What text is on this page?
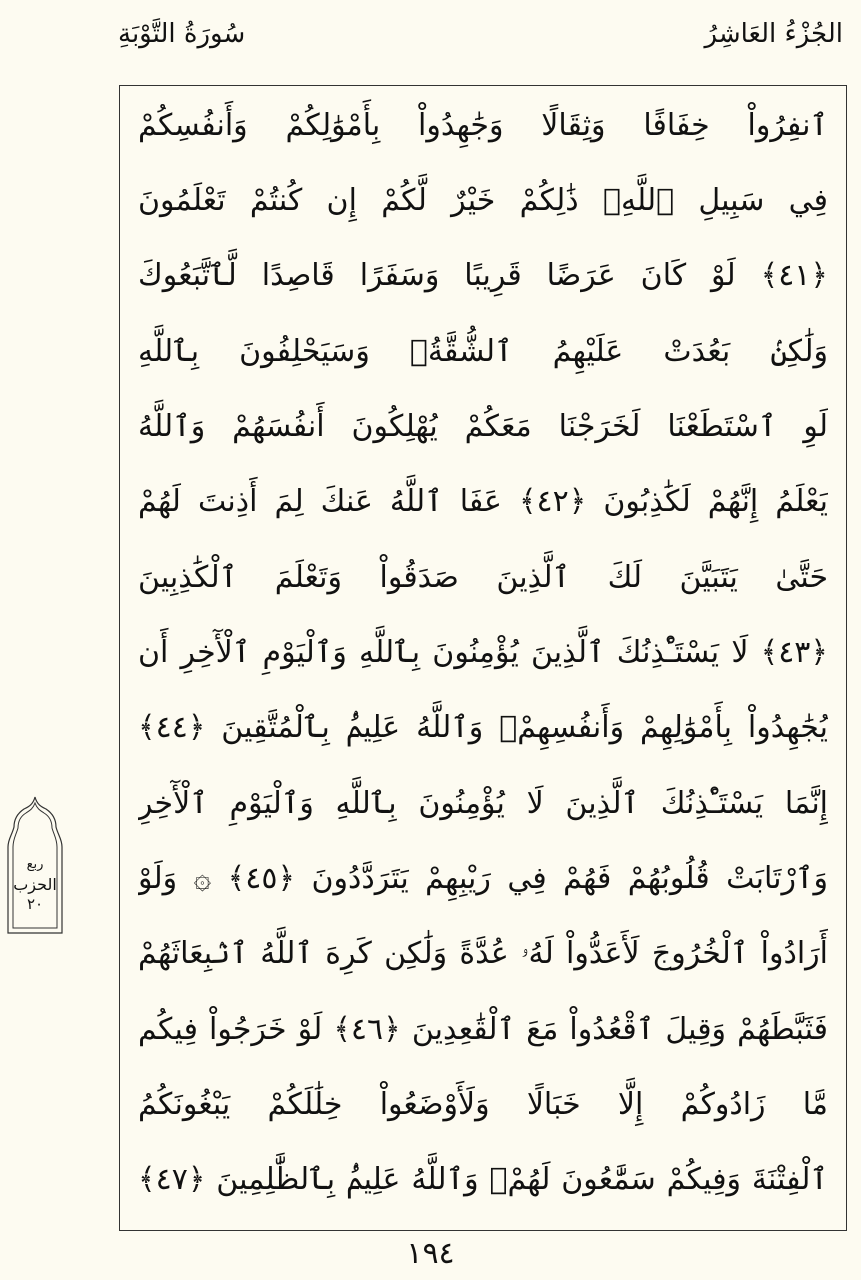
الجُزْءُ العَاشِرُ
سُورَةُ التَّوْبَةِ
ٱنفِرُواْ خِفَافًا وَثِقَالًا وَجَٰهِدُواْ بِأَمْوَٰلِكُمْ وَأَنفُسِكُمْ
فِي سَبِيلِ ٱللَّهِۚ ذَٰلِكُمْ خَيْرٌ لَّكُمْ إِن كُنتُمْ تَعْلَمُونَ
﴿٤١﴾ لَوْ كَانَ عَرَضًا قَرِيبًا وَسَفَرًا قَاصِدًا لَّٱتَّبَعُوكَ
وَلَٰكِنۢ بَعُدَتْ عَلَيْهِمُ ٱلشُّقَّةُۚ وَسَيَحْلِفُونَ بِٱللَّهِ
لَوِ ٱسْتَطَعْنَا لَخَرَجْنَا مَعَكُمْ يُهْلِكُونَ أَنفُسَهُمْ وَٱللَّهُ
يَعْلَمُ إِنَّهُمْ لَكَٰذِبُونَ ﴿٤٢﴾ عَفَا ٱللَّهُ عَنكَ لِمَ أَذِنتَ لَهُمْ
حَتَّىٰ يَتَبَيَّنَ لَكَ ٱلَّذِينَ صَدَقُواْ وَتَعْلَمَ ٱلْكَٰذِبِينَ
﴿٤٣﴾ لَا يَسْتَـْٔذِنُكَ ٱلَّذِينَ يُؤْمِنُونَ بِٱللَّهِ وَٱلْيَوْمِ ٱلْأٓخِرِ أَن
يُجَٰهِدُواْ بِأَمْوَٰلِهِمْ وَأَنفُسِهِمْۗ وَٱللَّهُ عَلِيمُۢ بِٱلْمُتَّقِينَ ﴿٤٤﴾
إِنَّمَا يَسْتَـْٔذِنُكَ ٱلَّذِينَ لَا يُؤْمِنُونَ بِٱللَّهِ وَٱلْيَوْمِ ٱلْأٓخِرِ
وَٱرْتَابَتْ قُلُوبُهُمْ فَهُمْ فِي رَيْبِهِمْ يَتَرَدَّدُونَ ﴿٤٥﴾ ۞ وَلَوْ
أَرَادُواْ ٱلْخُرُوجَ لَأَعَدُّواْ لَهُۥ عُدَّةً وَلَٰكِن كَرِهَ ٱللَّهُ ٱنۢبِعَاثَهُمْ
فَثَبَّطَهُمْ وَقِيلَ ٱقْعُدُواْ مَعَ ٱلْقَٰعِدِينَ ﴿٤٦﴾ لَوْ خَرَجُواْ فِيكُم
مَّا زَادُوكُمْ إِلَّا خَبَالًا وَلَأَوْضَعُواْ خِلَٰلَكُمْ يَبْغُونَكُمُ
ٱلْفِتْنَةَ وَفِيكُمْ سَمَّٰعُونَ لَهُمْۗ وَٱللَّهُ عَلِيمُۢ بِٱلظَّٰلِمِينَ ﴿٤٧﴾
ربع
الحزب
٢٠
١٩٤
